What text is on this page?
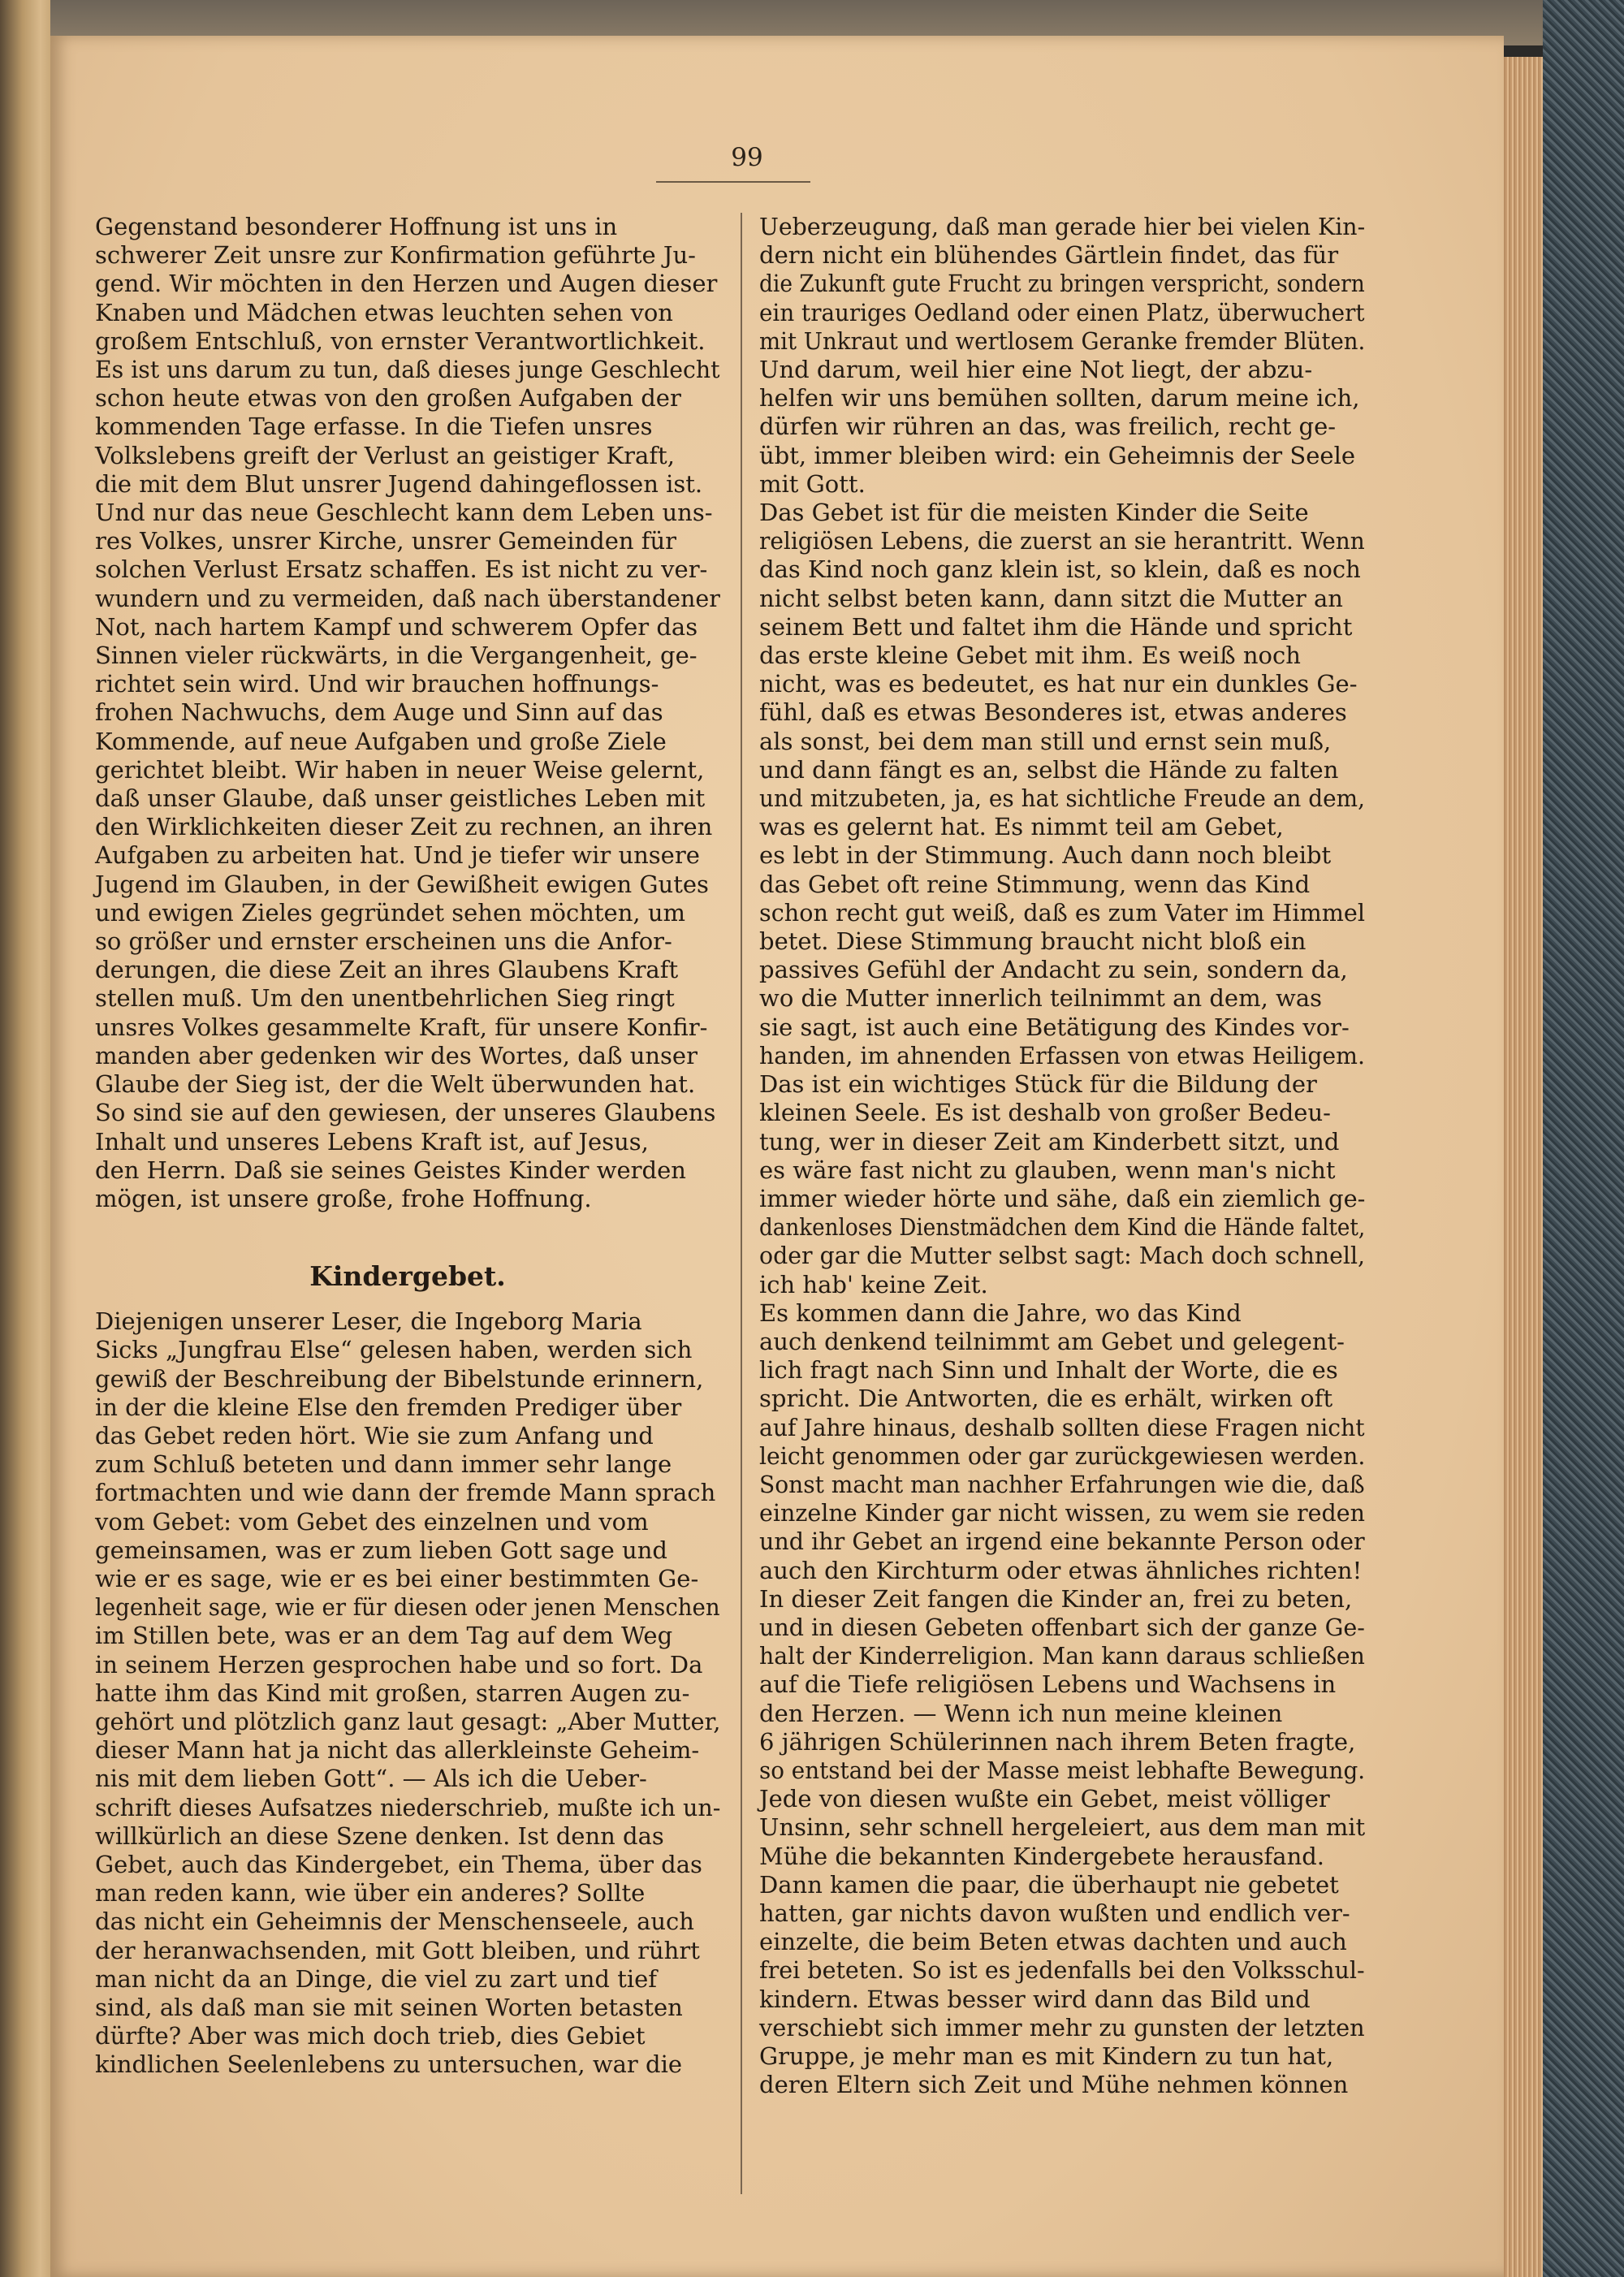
99

Gegenstand besonderer Hoffnung ist uns in

schwerer Zeit unsre zur Konfirmation geführte Ju-

gend. Wir möchten in den Herzen und Augen dieser

Knaben und Mädchen etwas leuchten sehen von

großem Entschluß, von ernster Verantwortlichkeit.

Es ist uns darum zu tun, daß dieses junge Geschlecht

schon heute etwas von den großen Aufgaben der

kommenden Tage erfasse. In die Tiefen unsres

Volkslebens greift der Verlust an geistiger Kraft,

die mit dem Blut unsrer Jugend dahingeflossen ist.

Und nur das neue Geschlecht kann dem Leben uns-

res Volkes, unsrer Kirche, unsrer Gemeinden für

solchen Verlust Ersatz schaffen. Es ist nicht zu ver-

wundern und zu vermeiden, daß nach überstandener

Not, nach hartem Kampf und schwerem Opfer das

Sinnen vieler rückwärts, in die Vergangenheit, ge-

richtet sein wird. Und wir brauchen hoffnungs-

frohen Nachwuchs, dem Auge und Sinn auf das

Kommende, auf neue Aufgaben und große Ziele

gerichtet bleibt. Wir haben in neuer Weise gelernt,

daß unser Glaube, daß unser geistliches Leben mit

den Wirklichkeiten dieser Zeit zu rechnen, an ihren

Aufgaben zu arbeiten hat. Und je tiefer wir unsere

Jugend im Glauben, in der Gewißheit ewigen Gutes

und ewigen Zieles gegründet sehen möchten, um

so größer und ernster erscheinen uns die Anfor-

derungen, die diese Zeit an ihres Glaubens Kraft

stellen muß. Um den unentbehrlichen Sieg ringt

unsres Volkes gesammelte Kraft, für unsere Konfir-

manden aber gedenken wir des Wortes, daß unser

Glaube der Sieg ist, der die Welt überwunden hat.

So sind sie auf den gewiesen, der unseres Glaubens

Inhalt und unseres Lebens Kraft ist, auf Jesus,

den Herrn. Daß sie seines Geistes Kinder werden

mögen, ist unsere große, frohe Hoffnung.

Kindergebet.

Diejenigen unserer Leser, die Ingeborg Maria

Sicks „Jungfrau Else“ gelesen haben, werden sich

gewiß der Beschreibung der Bibelstunde erinnern,

in der die kleine Else den fremden Prediger über

das Gebet reden hört. Wie sie zum Anfang und

zum Schluß beteten und dann immer sehr lange

fortmachten und wie dann der fremde Mann sprach

vom Gebet: vom Gebet des einzelnen und vom

gemeinsamen, was er zum lieben Gott sage und

wie er es sage, wie er es bei einer bestimmten Ge-

legenheit sage, wie er für diesen oder jenen Menschen

im Stillen bete, was er an dem Tag auf dem Weg

in seinem Herzen gesprochen habe und so fort. Da

hatte ihm das Kind mit großen, starren Augen zu-

gehört und plötzlich ganz laut gesagt: „Aber Mutter,

dieser Mann hat ja nicht das allerkleinste Geheim-

nis mit dem lieben Gott“. — Als ich die Ueber-

schrift dieses Aufsatzes niederschrieb, mußte ich un-

willkürlich an diese Szene denken. Ist denn das

Gebet, auch das Kindergebet, ein Thema, über das

man reden kann, wie über ein anderes? Sollte

das nicht ein Geheimnis der Menschenseele, auch

der heranwachsenden, mit Gott bleiben, und rührt

man nicht da an Dinge, die viel zu zart und tief

sind, als daß man sie mit seinen Worten betasten

dürfte? Aber was mich doch trieb, dies Gebiet

kindlichen Seelenlebens zu untersuchen, war die

Ueberzeugung, daß man gerade hier bei vielen Kin-

dern nicht ein blühendes Gärtlein findet, das für

die Zukunft gute Frucht zu bringen verspricht, sondern

ein trauriges Oedland oder einen Platz, überwuchert

mit Unkraut und wertlosem Geranke fremder Blüten.

Und darum, weil hier eine Not liegt, der abzu-

helfen wir uns bemühen sollten, darum meine ich,

dürfen wir rühren an das, was freilich, recht ge-

übt, immer bleiben wird: ein Geheimnis der Seele

mit Gott.

Das Gebet ist für die meisten Kinder die Seite

religiösen Lebens, die zuerst an sie herantritt. Wenn

das Kind noch ganz klein ist, so klein, daß es noch

nicht selbst beten kann, dann sitzt die Mutter an

seinem Bett und faltet ihm die Hände und spricht

das erste kleine Gebet mit ihm. Es weiß noch

nicht, was es bedeutet, es hat nur ein dunkles Ge-

fühl, daß es etwas Besonderes ist, etwas anderes

als sonst, bei dem man still und ernst sein muß,

und dann fängt es an, selbst die Hände zu falten

und mitzubeten, ja, es hat sichtliche Freude an dem,

was es gelernt hat. Es nimmt teil am Gebet,

es lebt in der Stimmung. Auch dann noch bleibt

das Gebet oft reine Stimmung, wenn das Kind

schon recht gut weiß, daß es zum Vater im Himmel

betet. Diese Stimmung braucht nicht bloß ein

passives Gefühl der Andacht zu sein, sondern da,

wo die Mutter innerlich teilnimmt an dem, was

sie sagt, ist auch eine Betätigung des Kindes vor-

handen, im ahnenden Erfassen von etwas Heiligem.

Das ist ein wichtiges Stück für die Bildung der

kleinen Seele. Es ist deshalb von großer Bedeu-

tung, wer in dieser Zeit am Kinderbett sitzt, und

es wäre fast nicht zu glauben, wenn man's nicht

immer wieder hörte und sähe, daß ein ziemlich ge-

dankenloses Dienstmädchen dem Kind die Hände faltet,

oder gar die Mutter selbst sagt: Mach doch schnell,

ich hab' keine Zeit.

Es kommen dann die Jahre, wo das Kind

auch denkend teilnimmt am Gebet und gelegent-

lich fragt nach Sinn und Inhalt der Worte, die es

spricht. Die Antworten, die es erhält, wirken oft

auf Jahre hinaus, deshalb sollten diese Fragen nicht

leicht genommen oder gar zurückgewiesen werden.

Sonst macht man nachher Erfahrungen wie die, daß

einzelne Kinder gar nicht wissen, zu wem sie reden

und ihr Gebet an irgend eine bekannte Person oder

auch den Kirchturm oder etwas ähnliches richten!

In dieser Zeit fangen die Kinder an, frei zu beten,

und in diesen Gebeten offenbart sich der ganze Ge-

halt der Kinderreligion. Man kann daraus schließen

auf die Tiefe religiösen Lebens und Wachsens in

den Herzen. — Wenn ich nun meine kleinen

6 jährigen Schülerinnen nach ihrem Beten fragte,

so entstand bei der Masse meist lebhafte Bewegung.

Jede von diesen wußte ein Gebet, meist völliger

Unsinn, sehr schnell hergeleiert, aus dem man mit

Mühe die bekannten Kindergebete herausfand.

Dann kamen die paar, die überhaupt nie gebetet

hatten, gar nichts davon wußten und endlich ver-

einzelte, die beim Beten etwas dachten und auch

frei beteten. So ist es jedenfalls bei den Volksschul-

kindern. Etwas besser wird dann das Bild und

verschiebt sich immer mehr zu gunsten der letzten

Gruppe, je mehr man es mit Kindern zu tun hat,

deren Eltern sich Zeit und Mühe nehmen können
